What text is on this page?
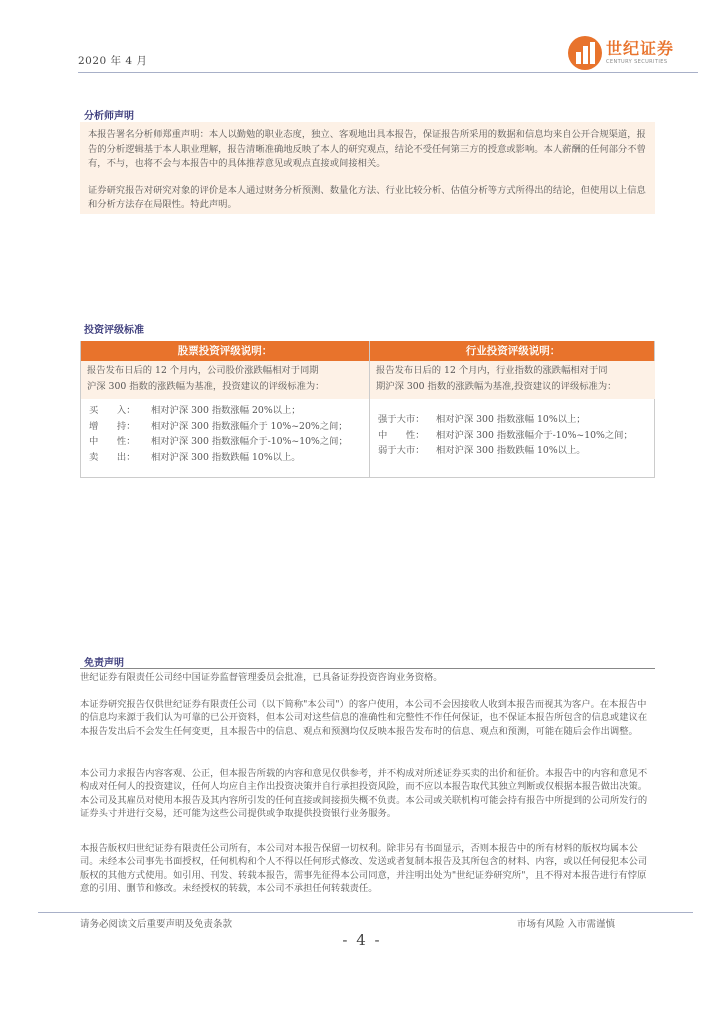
2020 年 4 月
世纪证券
CENTURY SECURITIES
分析师声明

本报告署名分析师郑重声明：本人以勤勉的职业态度，独立、客观地出具本报告，保证报告所采用的数据和信息均来自公开合规渠道，报告的分析逻辑基于本人职业理解，报告清晰准确地反映了本人的研究观点，结论不受任何第三方的授意或影响。本人薪酬的任何部分不曾有，不与，也将不会与本报告中的具体推荐意见或观点直接或间接相关。

证券研究报告对研究对象的评价是本人通过财务分析预测、数量化方法、行业比较分析、估值分析等方式所得出的结论，但使用以上信息和分析方法存在局限性。特此声明。

投资评级标准
股票投资评级说明：	行业投资评级说明：
报告发布日后的 12 个月内，公司股价涨跌幅相对于同期
沪深 300 指数的涨跌幅为基准，投资建议的评级标准为：
报告发布日后的 12 个月内，行业指数的涨跌幅相对于同
期沪深 300 指数的涨跌幅为基准,投资建议的评级标准为：
买　　入： 相对沪深 300 指数涨幅 20%以上；
增　　持： 相对沪深 300 指数涨幅介于 10%~20%之间；
中　　性： 相对沪深 300 指数涨幅介于-10%~10%之间；
卖　　出： 相对沪深 300 指数跌幅 10%以上。
强于大市： 相对沪深 300 指数涨幅 10%以上；
中　　性： 相对沪深 300 指数涨幅介于-10%~10%之间；
弱于大市： 相对沪深 300 指数跌幅 10%以上。
免责声明
世纪证券有限责任公司经中国证券监督管理委员会批准，已具备证券投资咨询业务资格。
本证券研究报告仅供世纪证券有限责任公司（以下简称"本公司"）的客户使用，本公司不会因接收人收到本报告而视其为客户。在本报告中的信息均来源于我们认为可靠的已公开资料，但本公司对这些信息的准确性和完整性不作任何保证，也不保证本报告所包含的信息或建议在本报告发出后不会发生任何变更，且本报告中的信息、观点和预测均仅反映本报告发布时的信息、观点和预测，可能在随后会作出调整。
本公司力求报告内容客观、公正，但本报告所载的内容和意见仅供参考，并不构成对所述证券买卖的出价和征价。本报告中的内容和意见不构成对任何人的投资建议，任何人均应自主作出投资决策并自行承担投资风险，而不应以本报告取代其独立判断或仅根据本报告做出决策。本公司及其雇员对使用本报告及其内容所引发的任何直接或间接损失概不负责。本公司或关联机构可能会持有报告中所提到的公司所发行的证券头寸并进行交易，还可能为这些公司提供或争取提供投资银行业务服务。
本报告版权归世纪证券有限责任公司所有，本公司对本报告保留一切权利。除非另有书面显示，否则本报告中的所有材料的版权均属本公司。未经本公司事先书面授权，任何机构和个人不得以任何形式修改、发送或者复制本报告及其所包含的材料、内容，或以任何侵犯本公司版权的其他方式使用。如引用、刊发、转载本报告，需事先征得本公司同意，并注明出处为"世纪证券研究所"，且不得对本报告进行有悖原意的引用、删节和修改。未经授权的转载，本公司不承担任何转载责任。
请务必阅读文后重要声明及免责条款	市场有风险 入市需谨慎
- 4 -
